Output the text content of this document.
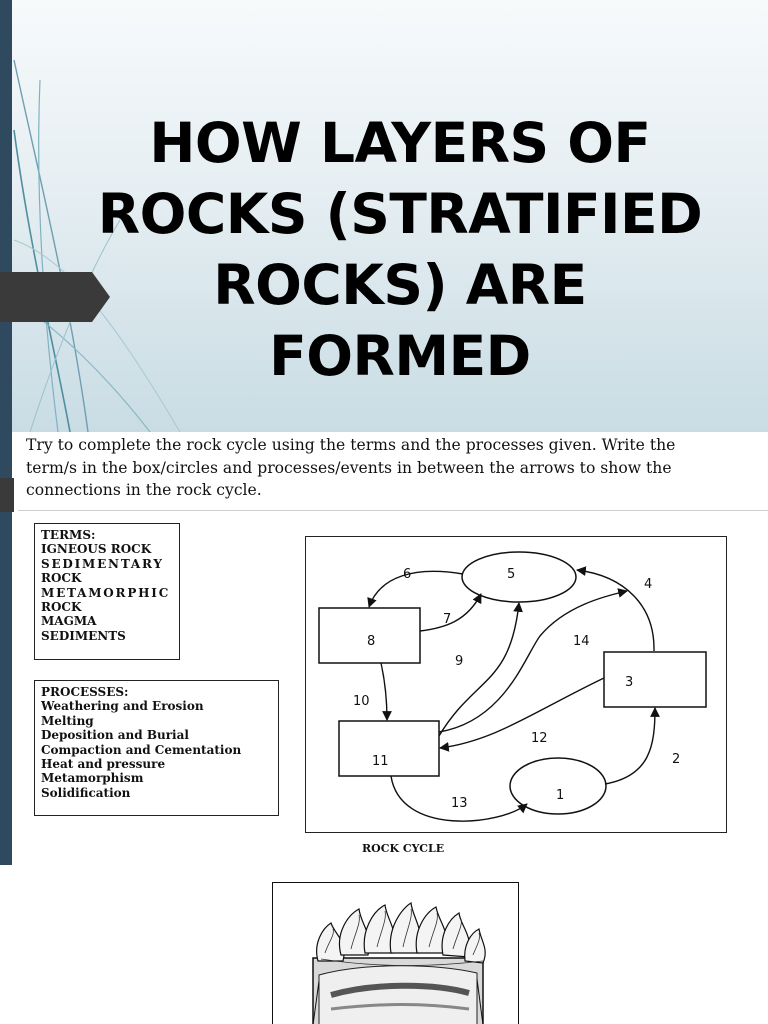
HOW LAYERS OF
ROCKS (STRATIFIED
ROCKS) ARE
FORMED
Try to complete the rock cycle using the terms and the processes given. Write the
term/s in the box/circles and processes/events in between the arrows to show the
connections in the rock cycle.
TERMS:
IGNEOUS ROCK
SEDIMENTARY
ROCK
METAMORPHIC
ROCK
MAGMA
SEDIMENTS
PROCESSES:
Weathering and Erosion
Melting
Deposition and Burial
Compaction and Cementation
Heat and pressure
Metamorphism
Solidification
5
6
4
7
8	14
9
3
10
12
11	2
1
13
ROCK CYCLE
